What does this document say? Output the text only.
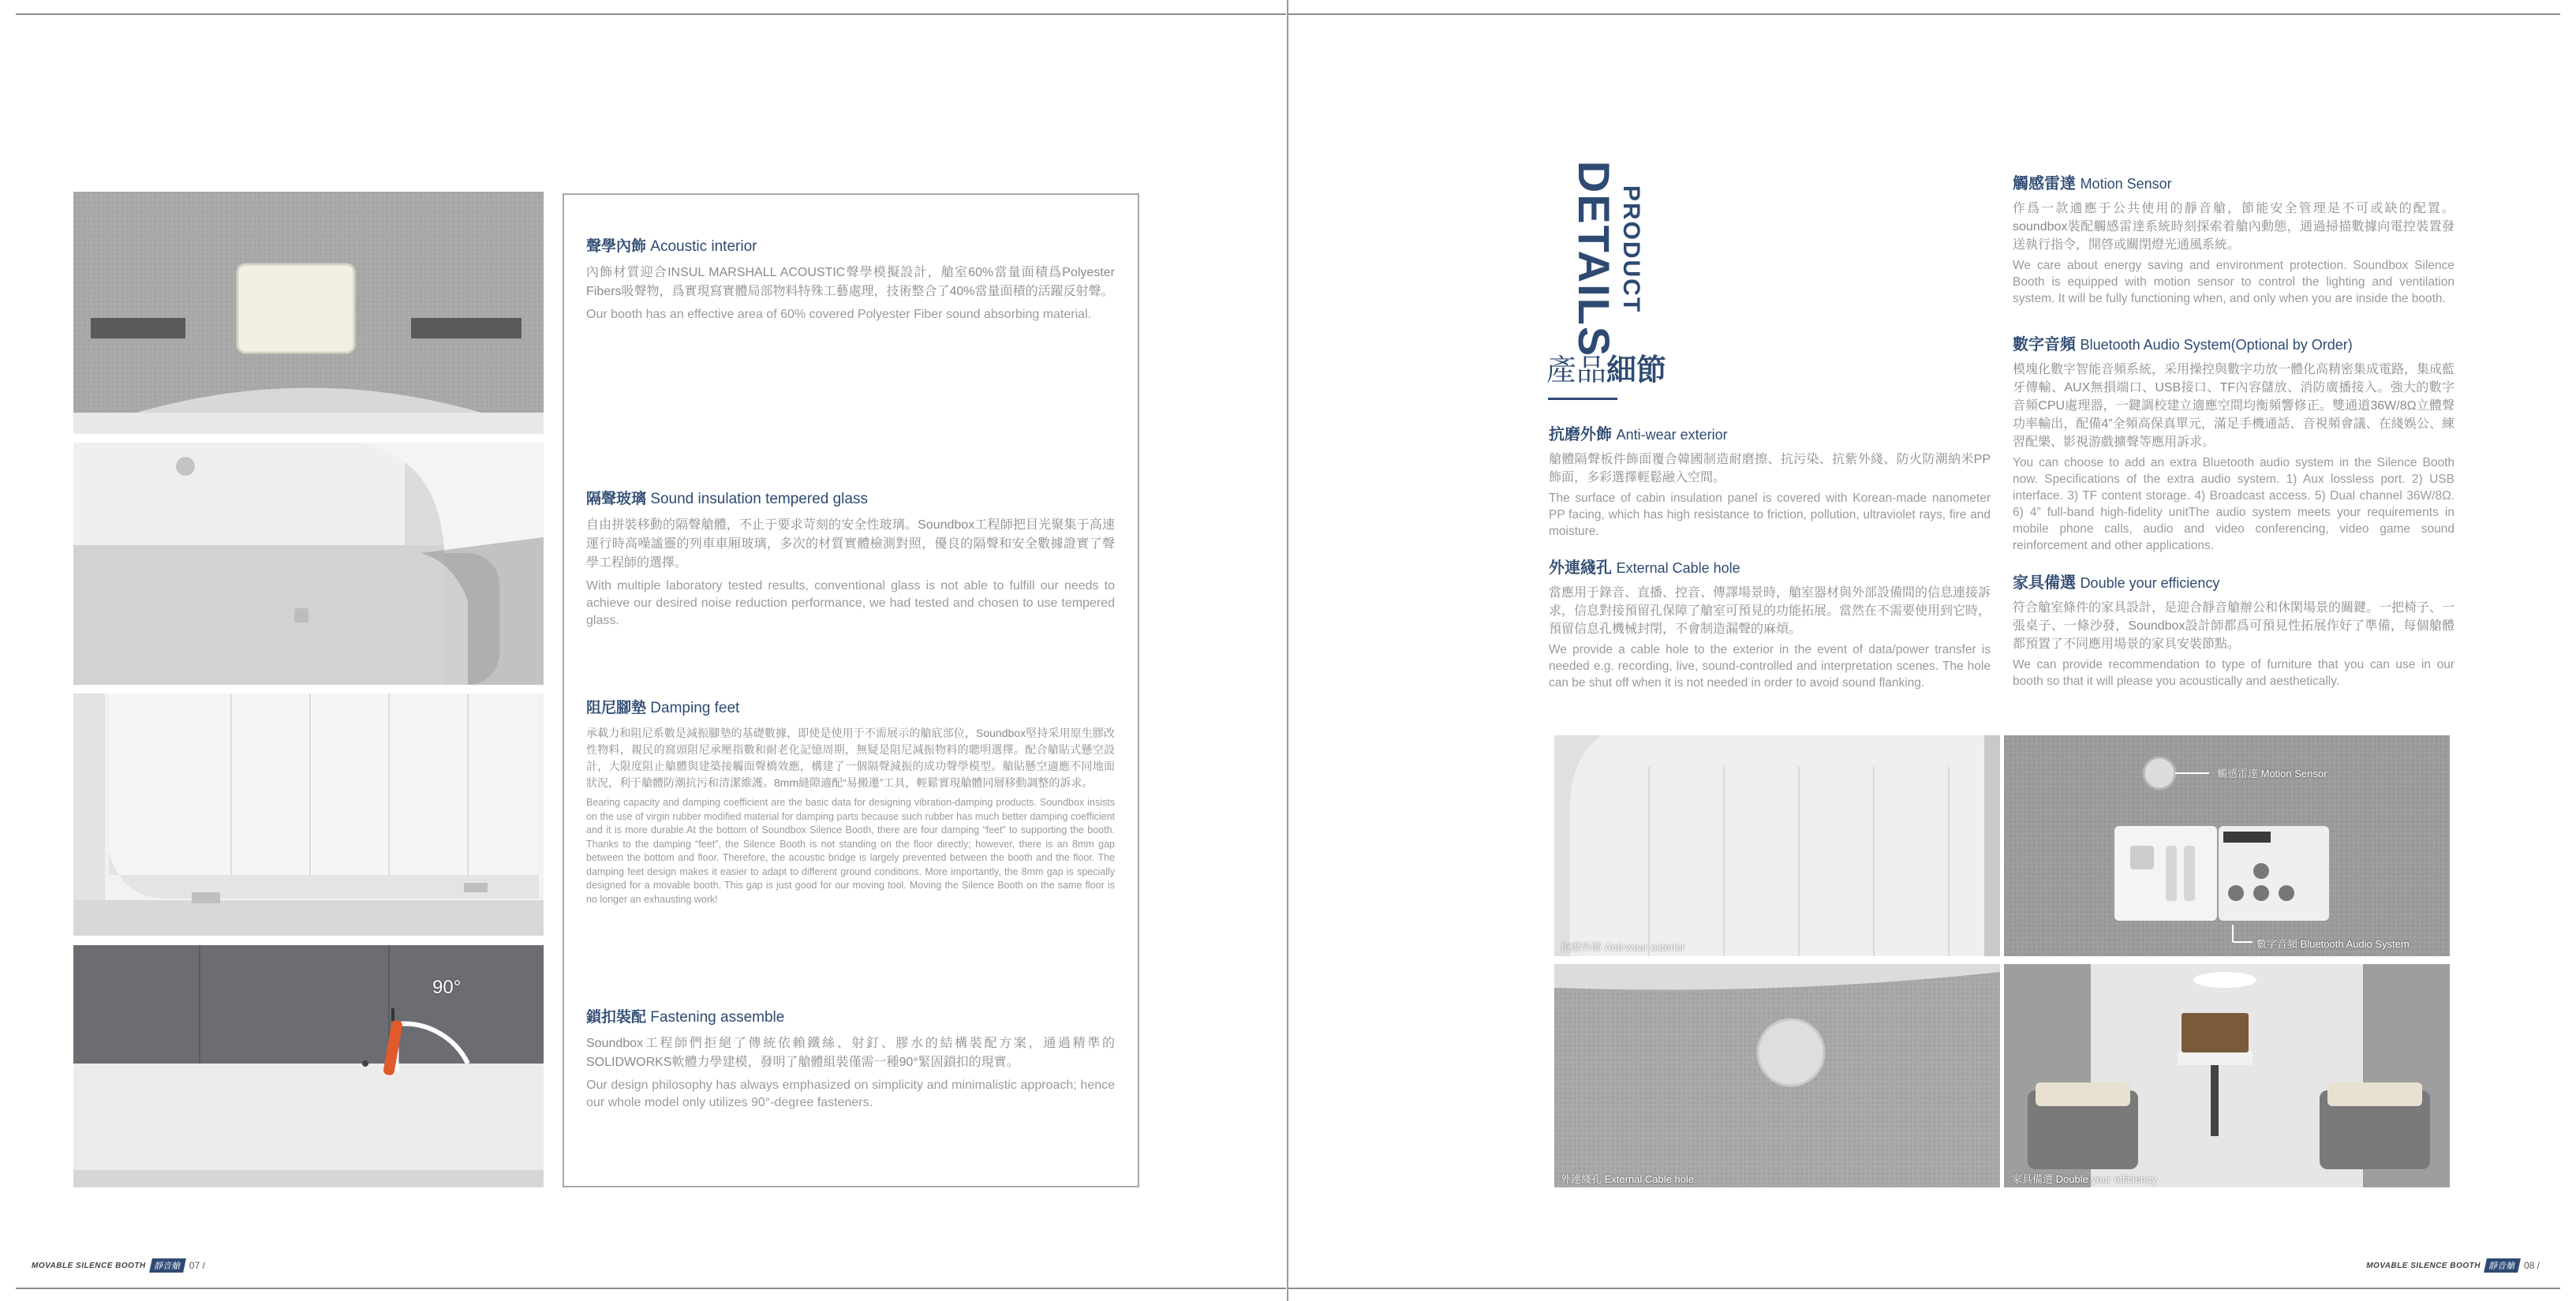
90°
聲學內飾 Acoustic interior

內飾材質迎合INSUL MARSHALL ACOUSTIC聲學模擬設計，艙室60%當量面積爲Polyester Fibers吸聲物，爲實現寫實體局部物料特殊工藝處理，技術整合了40%當量面積的活躍反射聲。

Our booth has an effective area of 60% covered Polyester Fiber sound absorbing material.

隔聲玻璃 Sound insulation tempered glass

自由拼裝移動的隔聲艙體，不止于要求苛刻的安全性玻璃。Soundbox工程師把目光聚集于高速運行時高噪謐靈的列車車厢玻璃，多次的材質實體檢測對照，優良的隔聲和安全數據證實了聲學工程師的選擇。

With multiple laboratory tested results, conventional glass is not able to fulfill our needs to achieve our desired noise reduction performance, we had tested and chosen to use tempered glass.

阻尼腳墊 Damping feet

承載力和阻尼系數是減振腳墊的基礎數據，即使是使用于不需展示的艙底部位，Soundbox堅持采用原生膠改性物料，親民的窩頭阻尼承壓指數和耐老化記憶周期，無疑是阻尼減振物料的聰明選擇。配合艙貼式懸空設計，大限度阻止艙體與建築接觸面聲橋效應，構建了一個隔聲減振的成功聲學模型。艙貼懸空適應不同地面狀況，利于艙體防潮抗污和清潔維護。8mm縫隙適配“易搬遷”工具，輕鬆實現艙體同層移動調整的訴求。

Bearing capacity and damping coefficient are the basic data for designing vibration-damping products. Soundbox insists on the use of virgin rubber modified material for damping parts because such rubber has much better damping coefficient and it is more durable.At the bottom of Soundbox Silence Booth, there are four damping “feet” to supporting the booth. Thanks to the damping “feet”, the Silence Booth is not standing on the floor directly; however, there is an 8mm gap between the bottom and floor. Therefore, the acoustic bridge is largely prevented between the booth and the floor. The damping feet design makes it easier to adapt to different ground conditions. More importantly, the 8mm gap is specially designed for a movable booth. This gap is just good for our moving tool. Moving the Silence Booth on the same floor is no longer an exhausting work!

鎖扣裝配 Fastening assemble

Soundbox工程師們拒絕了傳統依賴鐵絲、射釘、膠水的結構裝配方案，通過精準的SOLIDWORKS軟體力學建模，發明了艙體組裝僅需一種90°緊固鎖扣的現實。

Our design philosophy has always emphasized on simplicity and minimalistic approach; hence our whole model only utilizes 90°-degree fasteners.

MOVABLE SILENCE BOOTH 靜音艙 07 /
DETAILS
PRODUCT
產品細節
抗磨外飾 Anti-wear exterior

艙體隔聲板件飾面覆合韓國制造耐磨擦、抗污染、抗紫外綫、防火防潮納米PP飾面，多彩選擇輕鬆融入空間。

The surface of cabin insulation panel is covered with Korean-made nanometer PP facing, which has high resistance to friction, pollution, ultraviolet rays, fire and moisture.

外連綫孔 External Cable hole

當應用于錄音、直播、控音、傳譯場景時，艙室器材與外部設備間的信息連接訴求，信息對接預留孔保障了艙室可預見的功能拓展。當然在不需要使用到它時，預留信息孔機械封閉，不會制造漏聲的麻煩。

We provide a cable hole to the exterior in the event of data/power transfer is needed e.g. recording, live, sound-controlled and interpretation scenes. The hole can be shut off when it is not needed in order to avoid sound flanking.

觸感雷達 Motion Sensor

作爲一款適應于公共使用的靜音艙，節能安全管理是不可或缺的配置。soundbox裝配觸感雷達系統時刻探索着艙內動態，通過掃描數據向電控裝置發送執行指令，開啓或關閉燈光通風系統。

We care about energy saving and environment protection. Soundbox Silence Booth is equipped with motion sensor to control the lighting and ventilation system. It will be fully functioning when, and only when you are inside the booth.

數字音頻 Bluetooth Audio System(Optional by Order)

模塊化數字智能音頻系統，采用操控與數字功放一體化高精密集成電路，集成藍牙傳輸、AUX無損端口、USB接口、TF內容儲放、消防廣播接入。強大的數字音頻CPU處理器，一鍵調校建立適應空間均衡頻響修正。雙通道36W/8Ω立體聲功率輸出，配備4”全頻高保真單元，滿足手機通話、音視頻會議、在綫娛公、練習配樂、影視游戲擴聲等應用訴求。

You can choose to add an extra Bluetooth audio system in the Silence Booth now. Specifications of the extra audio system. 1) Aux lossless port. 2) USB interface. 3) TF content storage. 4) Broadcast access. 5) Dual channel 36W/8Ω. 6) 4” full-band high-fidelity unitThe audio system meets your requirements in mobile phone calls, audio and video conferencing, video game sound reinforcement and other applications.

家具備選 Double your efficiency

符合艙室條件的家具設計，是迎合靜音艙辦公和休閑場景的關鍵。一把椅子、一張桌子、一條沙發，Soundbox設計師都爲可預見性拓展作好了準備，每個艙體都預置了不同應用場景的家具安裝節點。

We can provide recommendation to type of furniture that you can use in our booth so that it will please you acoustically and aesthetically.

抗磨外飾 Anti-wear exterior
觸感雷達 Motion Sensor
數字音頻 Bluetooth Audio System
外連綫孔 External Cable hole	家具備選 Double your efficiency
MOVABLE SILENCE BOOTH 靜音艙 08 /
